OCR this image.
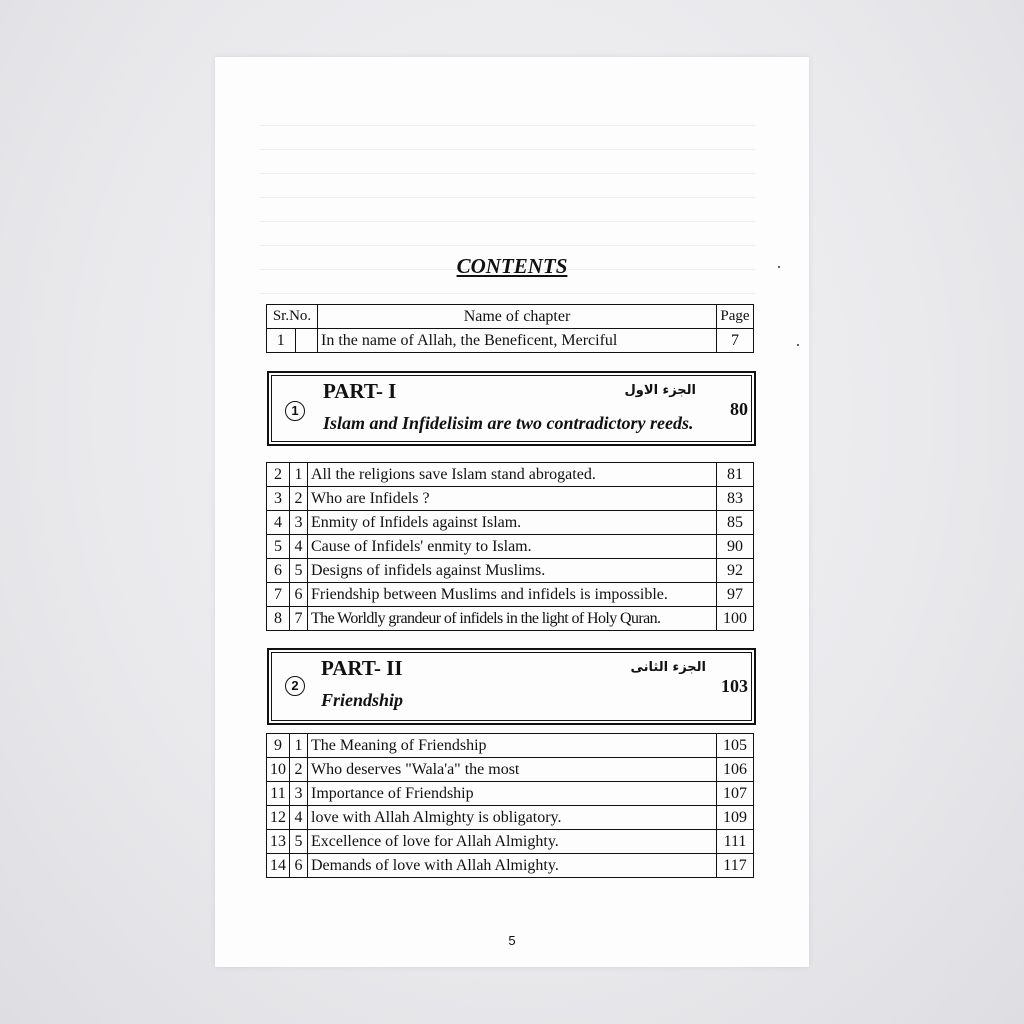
CONTENTS
Sr.No.		Name of chapter	Page
1		In the name of Allah, the Beneficent, Merciful	7
1
PART- I	الجزء الاول
Islam and Infidelisim are two contradictory reeds.
80
2	1	All the religions save Islam stand abrogated.	81
3	2	Who are Infidels ?	83
4	3	Enmity of Infidels against Islam.	85
5	4	Cause of Infidels' enmity to Islam.	90
6	5	Designs of infidels against Muslims.	92
7	6	Friendship between Muslims and infidels is impossible.	97
8	7	The Worldly grandeur of infidels in the light of Holy Quran.	100
2
PART- II	الجزء الثانى
Friendship
103
9	1	The Meaning of Friendship	105
10	2	Who deserves "Wala'a" the most	106
11	3	Importance of Friendship	107
12	4	love with Allah Almighty is obligatory.	109
13	5	Excellence of love for Allah Almighty.	111
14	6	Demands of love with Allah Almighty.	117
5
